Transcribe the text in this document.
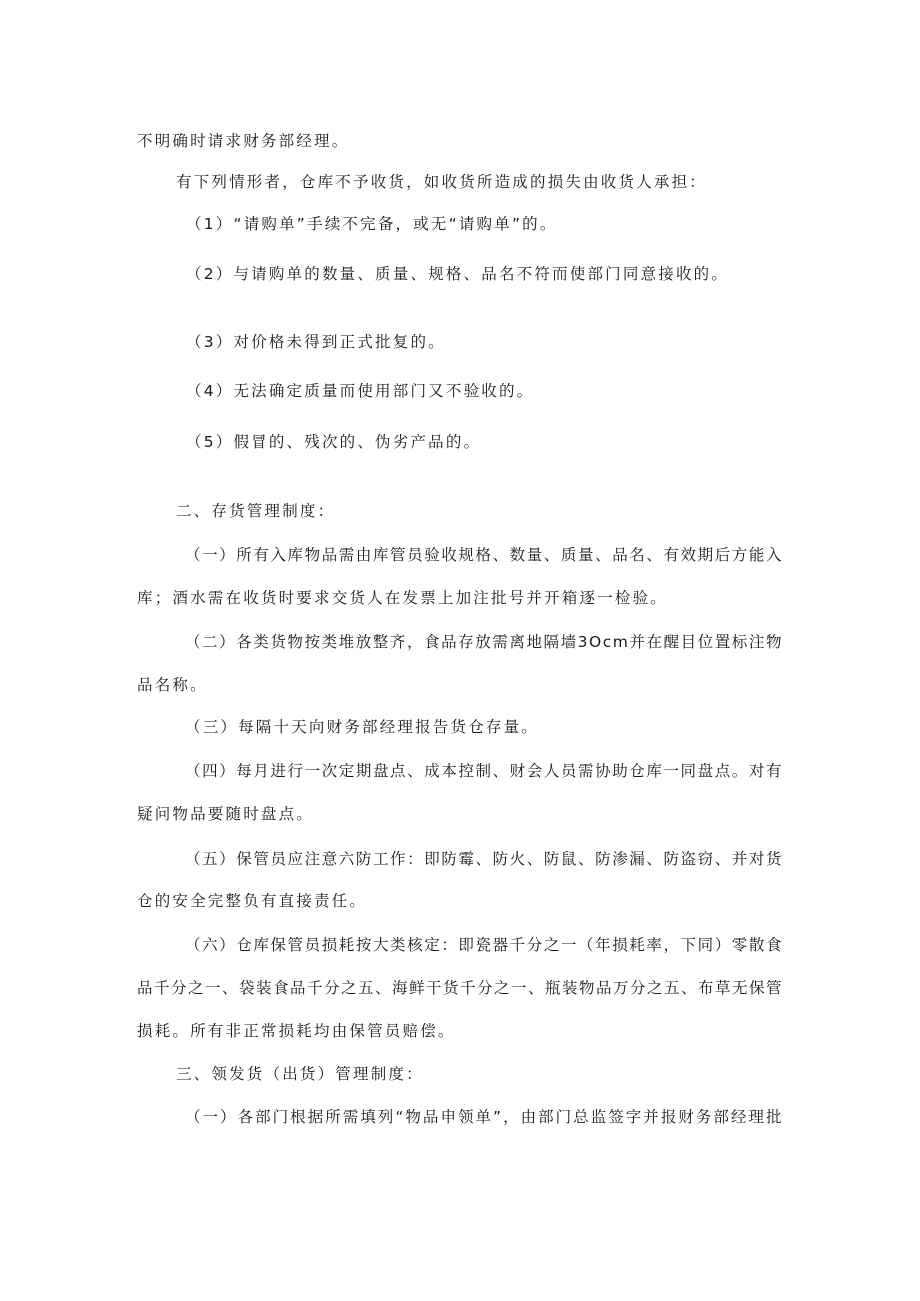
不明确时请求财务部经理。
有下列情形者，仓库不予收货，如收货所造成的损失由收货人承担：
（1）“请购单”手续不完备，或无“请购单”的。
（2）与请购单的数量、质量、规格、品名不符而使部门同意接收的。
（3）对价格未得到正式批复的。
（4）无法确定质量而使用部门又不验收的。
（5）假冒的、残次的、伪劣产品的。
二、存货管理制度：
（一）所有入库物品需由库管员验收规格、数量、质量、品名、有效期后方能入
库；酒水需在收货时要求交货人在发票上加注批号并开箱逐一检验。
（二）各类货物按类堆放整齐，食品存放需离地隔墙3Ocm并在醒目位置标注物
品名称。
（三）每隔十天向财务部经理报告货仓存量。
（四）每月进行一次定期盘点、成本控制、财会人员需协助仓库一同盘点。对有
疑问物品要随时盘点。
（五）保管员应注意六防工作：即防霉、防火、防鼠、防渗漏、防盗窃、并对货
仓的安全完整负有直接责任。
（六）仓库保管员损耗按大类核定：即瓷器千分之一（年损耗率，下同）零散食
品千分之一、袋装食品千分之五、海鲜干货千分之一、瓶装物品万分之五、布草无保管
损耗。所有非正常损耗均由保管员赔偿。
三、领发货（出货）管理制度：
（一）各部门根据所需填列“物品申领单”，由部门总监签字并报财务部经理批
